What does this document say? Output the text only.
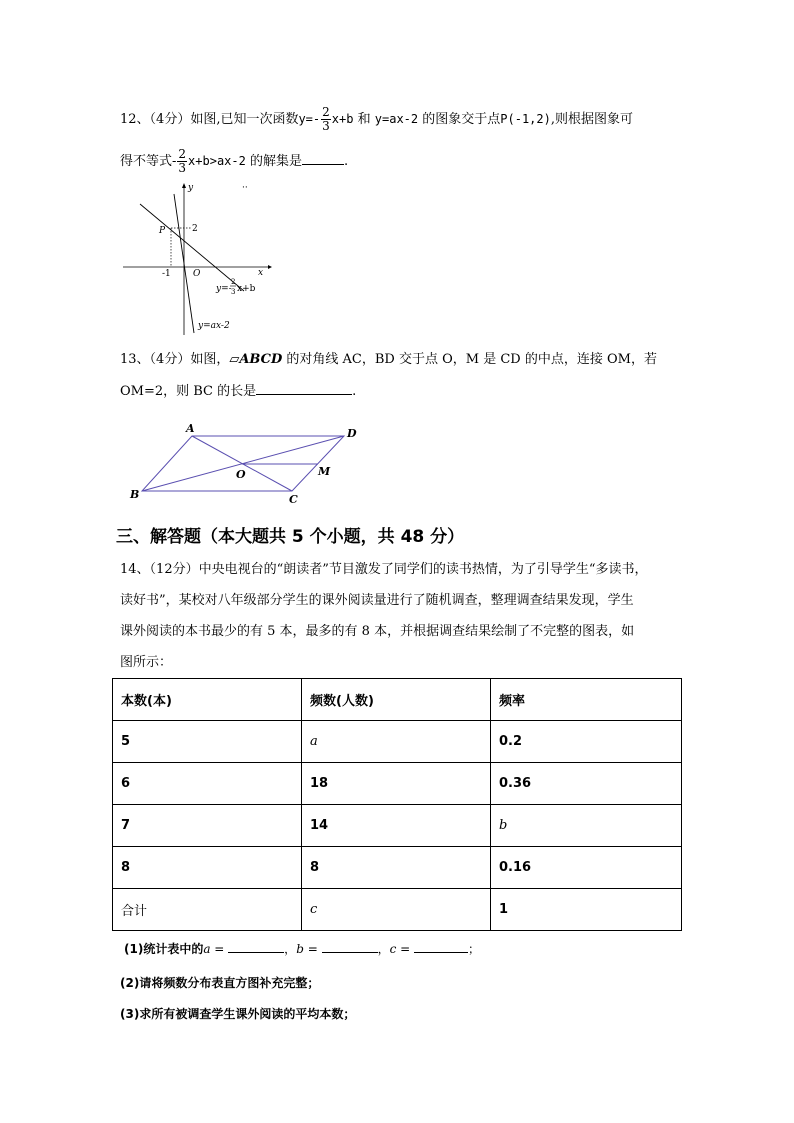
12、（4分）如图,已知一次函数$y=- \frac{2}{3} x+b$ 和 y=ax-2 的图象交于点P(-1,2),则根据图象可
得不等式- $\frac{2}{3} x+b>ax-2$ 的解集是	.
··
y
x
P	2
-1 O
y=-
2
3 x+b
y=ax-2
13、（4分）如图，▱ABCD 的对角线 AC，BD 交于点 O，M 是 CD 的中点，连接 OM，若
OM=2，则 BC 的长是	.
A	D
B	C
O	M
三、解答题（本大题共 5 个小题，共 48 分）
14、（12分）中央电视台的“朗读者”节目激发了同学们的读书热情，为了引导学生“多读书，
读好书”，某校对八年级部分学生的课外阅读量进行了随机调查，整理调查结果发现，学生
课外阅读的本书最少的有 5 本，最多的有 8 本，并根据调查结果绘制了不完整的图表，如
图所示：
本数(本)	频数(人数)	频率
5	a	0.2
6	18	0.36
7	14	b
8	8	0.16
合计	c	1
(1)统计表中的a =	，b =	，c =	；
(2)请将频数分布表直方图补充完整；
(3)求所有被调查学生课外阅读的平均本数；
